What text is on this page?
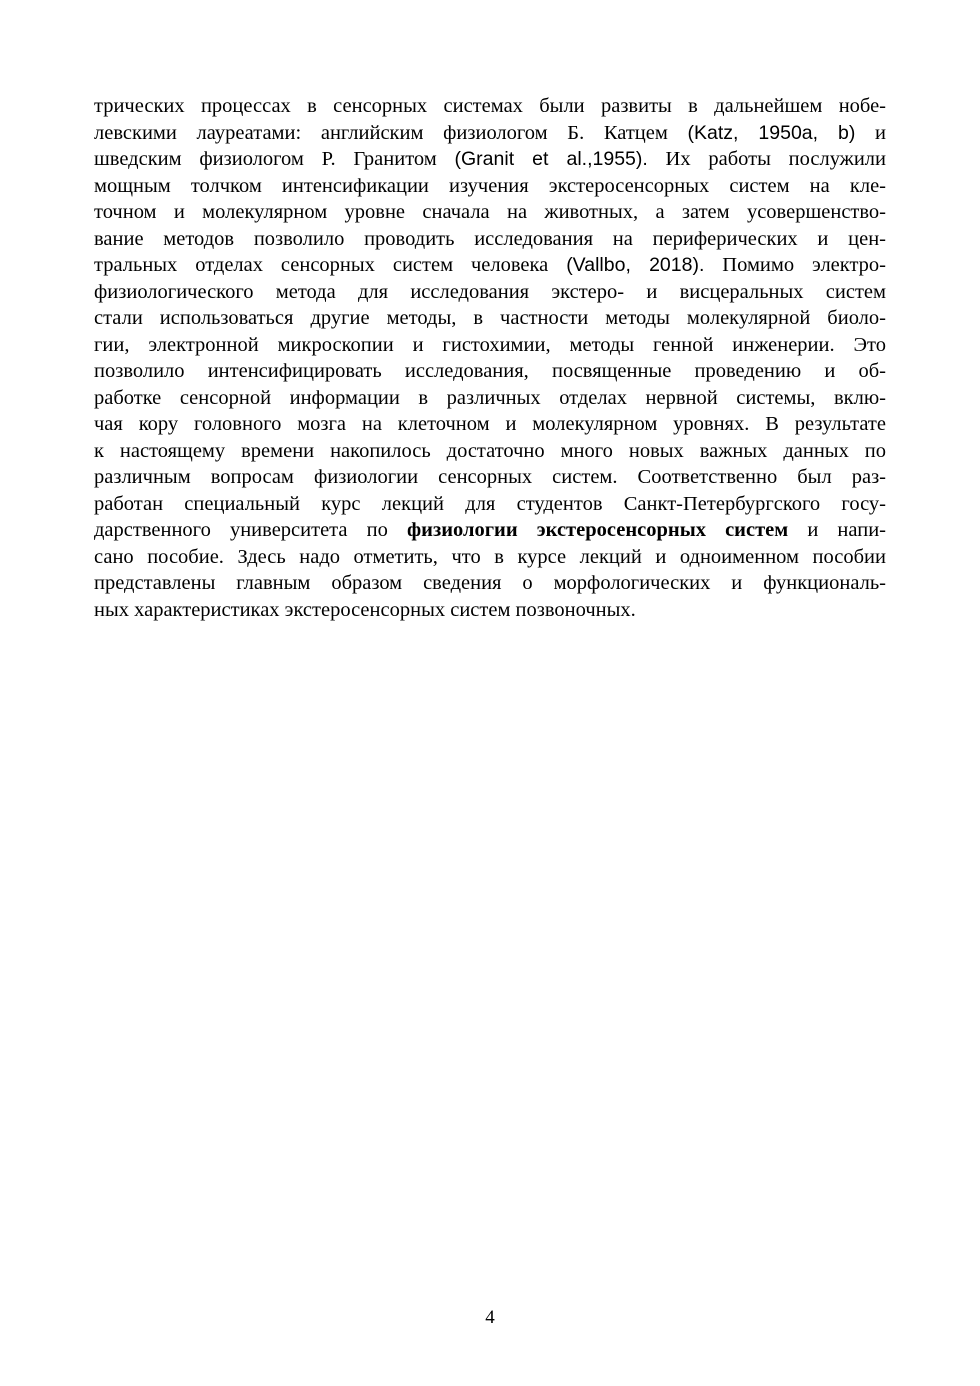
трических процессах в сенсорных системах были развиты в дальнейшем нобе-
левскими лауреатами: английским физиологом Б. Катцем (Katz, 1950a, b) и
шведским физиологом Р. Гранитом (Granit et al.,1955). Их работы послужили
мощным толчком интенсификации изучения экстеросенсорных систем на кле-
точном и молекулярном уровне сначала на животных, а затем усовершенство-
вание методов позволило проводить исследования на периферических и цен-
тральных отделах сенсорных систем человека (Vallbo, 2018). Помимо электро-
физиологического метода для исследования экстеро- и висцеральных систем
стали использоваться другие методы, в частности методы молекулярной биоло-
гии, электронной микроскопии и гистохимии, методы генной инженерии. Это
позволило интенсифицировать исследования, посвященные проведению и об-
работке сенсорной информации в различных отделах нервной системы, вклю-
чая кору головного мозга на клеточном и молекулярном уровнях. В результате
к настоящему времени накопилось достаточно много новых важных данных по
различным вопросам физиологии сенсорных систем. Соответственно был раз-
работан специальный курс лекций для студентов Санкт-Петербургского госу-
дарственного университета по физиологии экстеросенсорных систем и напи-
сано пособие. Здесь надо отметить, что в курсе лекций и одноименном пособии
представлены главным образом сведения о морфологических и функциональ-
ных характеристиках экстеросенсорных систем позвоночных.
4
